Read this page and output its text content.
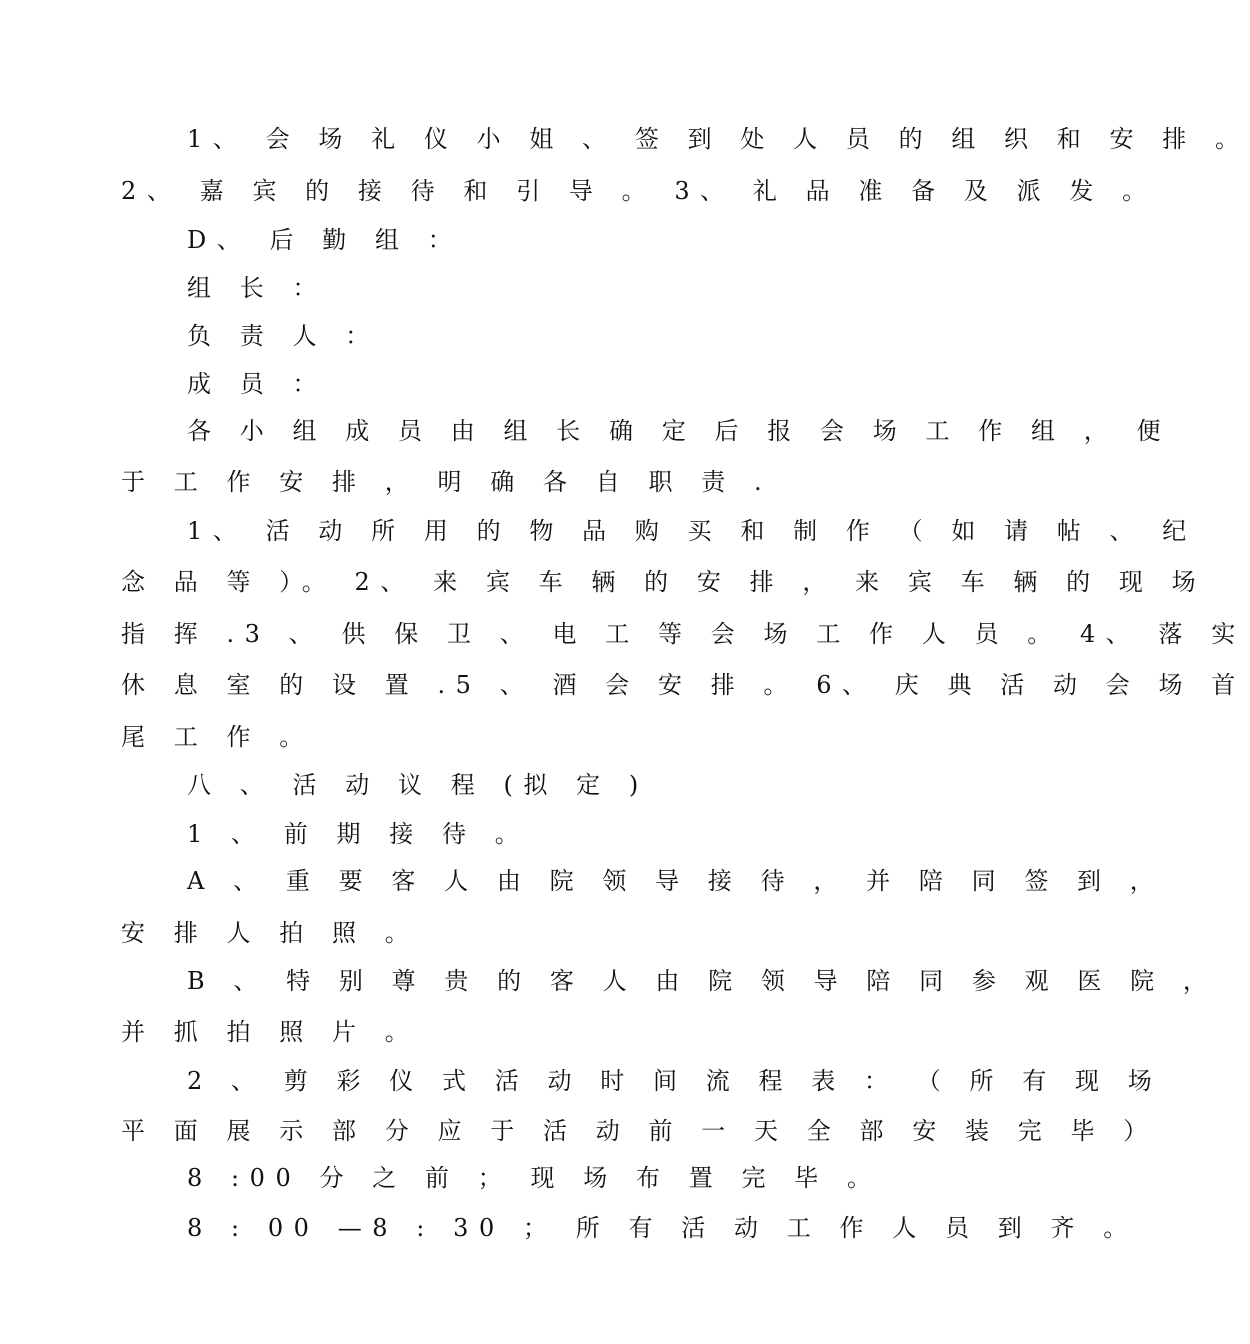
1、 会 场 礼 仪 小 姐 、 签 到 处 人 员 的 组 织 和 安 排 。
2、 嘉 宾 的 接 待 和 引 导 。 3、 礼 品 准 备 及 派 发 。
D、 后 勤 组 ：
组 长 ：
负 责 人 ：
成 员 ：
各 小 组 成 员 由 组 长 确 定 后 报 会 场 工 作 组 ， 便
于 工 作 安 排 ， 明 确 各 自 职 责 .
1、 活 动 所 用 的 物 品 购 买 和 制 作 （ 如 请 帖 、 纪
念 品 等 ）。 2、 来 宾 车 辆 的 安 排 ， 来 宾 车 辆 的 现 场
指 挥 .3 、 供 保 卫 、 电 工 等 会 场 工 作 人 员 。 4、 落 实
休 息 室 的 设 置 .5 、 酒 会 安 排 。 6、 庆 典 活 动 会 场 首
尾 工 作 。
八 、 活 动 议 程 (拟 定 )
1 、 前 期 接 待 。
A 、 重 要 客 人 由 院 领 导 接 待 ， 并 陪 同 签 到 ，
安 排 人 拍 照 。
B 、 特 别 尊 贵 的 客 人 由 院 领 导 陪 同 参 观 医 院 ，
并 抓 拍 照 片 。
2 、 剪 彩 仪 式 活 动 时 间 流 程 表 ： （ 所 有 现 场
平 面 展 示 部 分 应 于 活 动 前 一 天 全 部 安 装 完 毕 ）
8 :00 分 之 前 ； 现 场 布 置 完 毕 。
8 : 00 —8 : 30 ； 所 有 活 动 工 作 人 员 到 齐 。
